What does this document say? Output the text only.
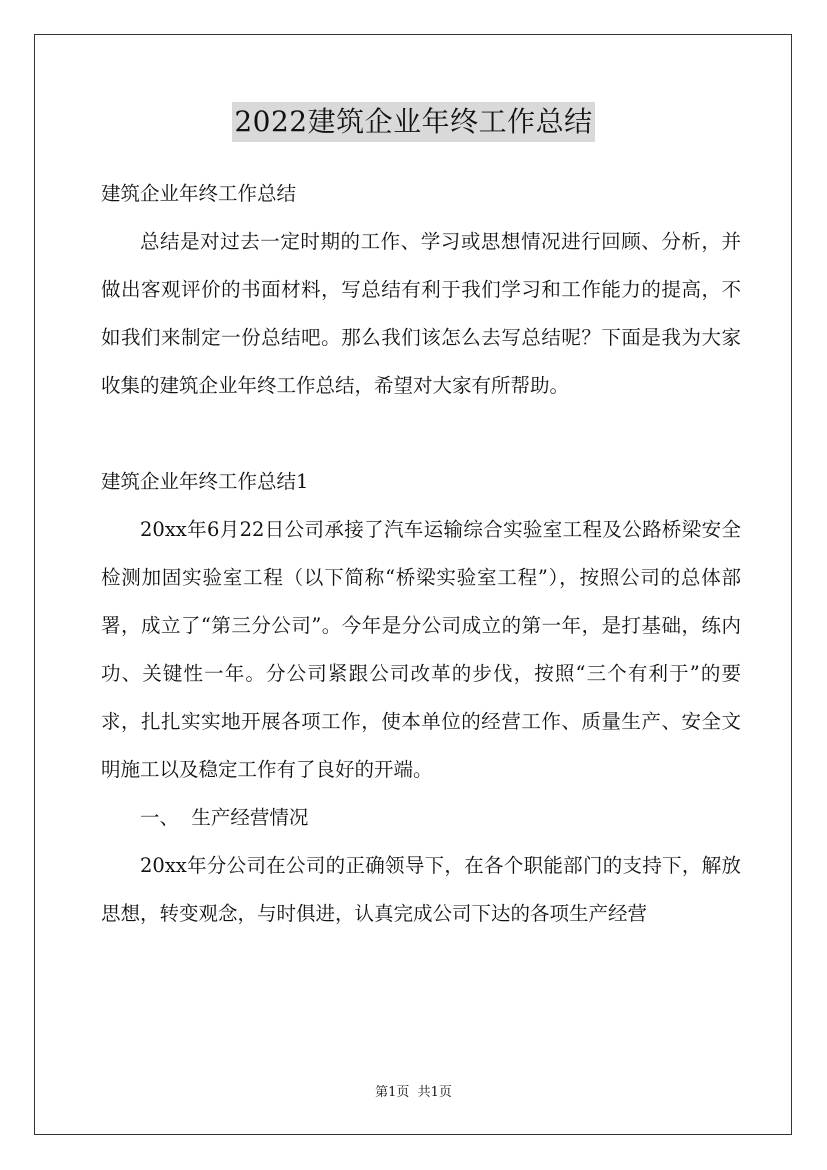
2022建筑企业年终工作总结

建筑企业年终工作总结

总结是对过去一定时期的工作、学习或思想情况进行回顾、分析，并做出客观评价的书面材料，写总结有利于我们学习和工作能力的提高，不如我们来制定一份总结吧。那么我们该怎么去写总结呢？下面是我为大家收集的建筑企业年终工作总结，希望对大家有所帮助。

建筑企业年终工作总结1

20xx年6月22日公司承接了汽车运输综合实验室工程及公路桥梁安全检测加固实验室工程（以下简称“桥梁实验室工程”），按照公司的总体部署，成立了“第三分公司”。今年是分公司成立的第一年，是打基础，练内功、关键性一年。分公司紧跟公司改革的步伐，按照“三个有利于”的要求，扎扎实实地开展各项工作，使本单位的经营工作、质量生产、安全文明施工以及稳定工作有了良好的开端。

一、  生产经营情况

20xx年分公司在公司的正确领导下，在各个职能部门的支持下，解放思想，转变观念，与时俱进，认真完成公司下达的各项生产经营

第1页  共1页
